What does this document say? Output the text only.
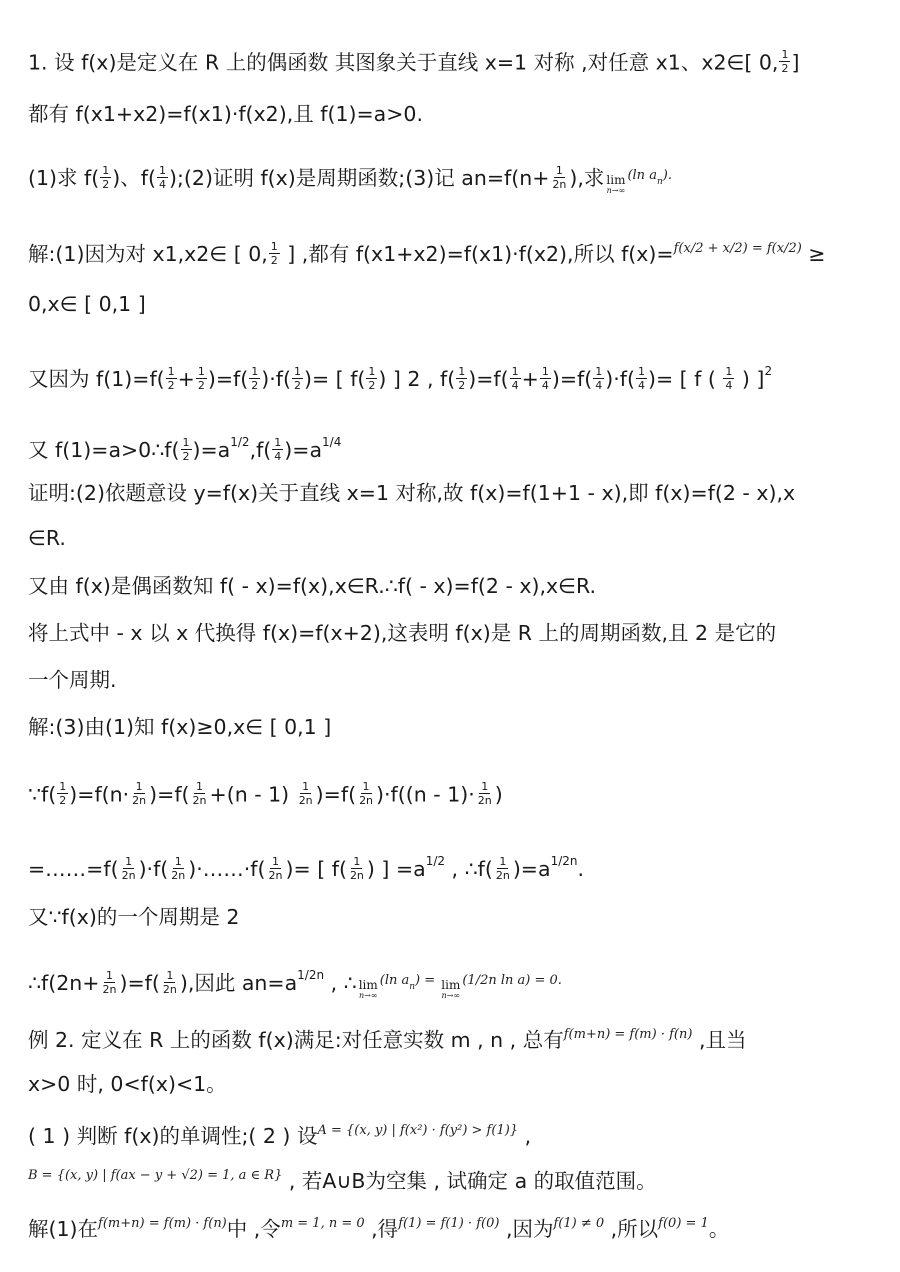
1. 设 f(x)是定义在 R 上的偶函数 其图象关于直线 x=1 对称 ,对任意 x1、x2∈[ 0, $\frac{1}{2}$ ]
都有 f(x1+x2)=f(x1)·f(x2),且 f(1)=a>0.
(1)求 $f( \frac{1}{2}$ )、$f( \frac{1}{4}$ );(2)证明 f(x)是周期函数;(3)记 $an=f(n+ \frac{1}{2n}$ ),求 lim
n→∞
$^{(ln a}$n).
解:(1)因为对 x1,x2∈ [ 0, $\frac{1}{2}$ ] ,都有 f(x1+x2)=f(x1)·f(x2),所以 f(x)=$^{f(x/2 + x/2) = f(x/2)}$ ≥
0,x∈ [ 0,1 ]
又因为 $f(1)=f( \frac{1}{2} + \frac{1}{2} )=f( \frac{1}{2} )\cdot f( \frac{1}{2}$ )= [ $f( \frac{1}{2}$ ) ] 2 , $f( \frac{1}{2} )=f( \frac{1}{4} + \frac{1}{4} )=f( \frac{1}{4} )\cdot f( \frac{1}{4}$ )= [ f ( $\frac{1}{4}$ ) ]$^2$
又 f(1)=a>0∴f( $\frac{1}{2} )=a^{1/2},f( \frac{1}{4} )=a^{1/4}$
证明:(2)依题意设 y=f(x)关于直线 x=1 对称,故 f(x)=f(1+1 - x),即 f(x)=f(2 - x),x
∈R.
又由 f(x)是偶函数知 f( - x)=f(x),x∈R.∴f( - x)=f(2 - x),x∈R.
将上式中 - x 以 x 代换得 f(x)=f(x+2),这表明 f(x)是 R 上的周期函数,且 2 是它的
一个周期.
解:(3)由(1)知 f(x)≥0,x∈ [ 0,1 ]
∵f( $\frac{1}{2} )=f(n\cdot \frac{1}{2n} )=f( \frac{1}{2n} +(n - 1) \frac{1}{2n} )=f( \frac{1}{2n} )\cdot f((n - 1)\cdot \frac{1}{2n}$ )
=……=f( $\frac{1}{2n} )\cdot f( \frac{1}{2n}$ )·……·f( $\frac{1}{2n}$ )= [ $f( \frac{1}{2n}$ ) ] $=a^{1/2}$ , ∴f( $\frac{1}{2n} )=a^{1/2n}$.
又∵f(x)的一个周期是 2
∴f(2n+ $\frac{1}{2n} )=f( \frac{1}{2n}$ ),因此 $an=a^{1/2n}$ , ∴ lim
n→∞
$^{(ln a}$n) = lim
n→∞
$^{(1/2n ln a) = 0.}$
例 2. 定义在 R 上的函数 f(x)满足:对任意实数 m , n , 总有$^{f(m+n) = f(m) \cdot f(n)}$ ,且当
x>0 时, 0<f(x)<1。
( 1 ) 判断 f(x)的单调性;( 2 ) 设$^{A = \{(x, y) | f(x^2) \cdot f(y^2) > f(1)\}}$ ,
$^{B = \{(x, y) | f(ax - y + √2) = 1, a \in R\}}$ , 若A∪B为空集 , 试确定 a 的取值范围。
解(1)在$^{f(m+n) = f(m) \cdot f(n)}$中 ,令$^{m = 1, n = 0}$ ,得$^{f(1) = f(1) \cdot f(0)}$ ,因为$^{f(1) \ne 0}$ ,所以$^{f(0) = 1}$。
